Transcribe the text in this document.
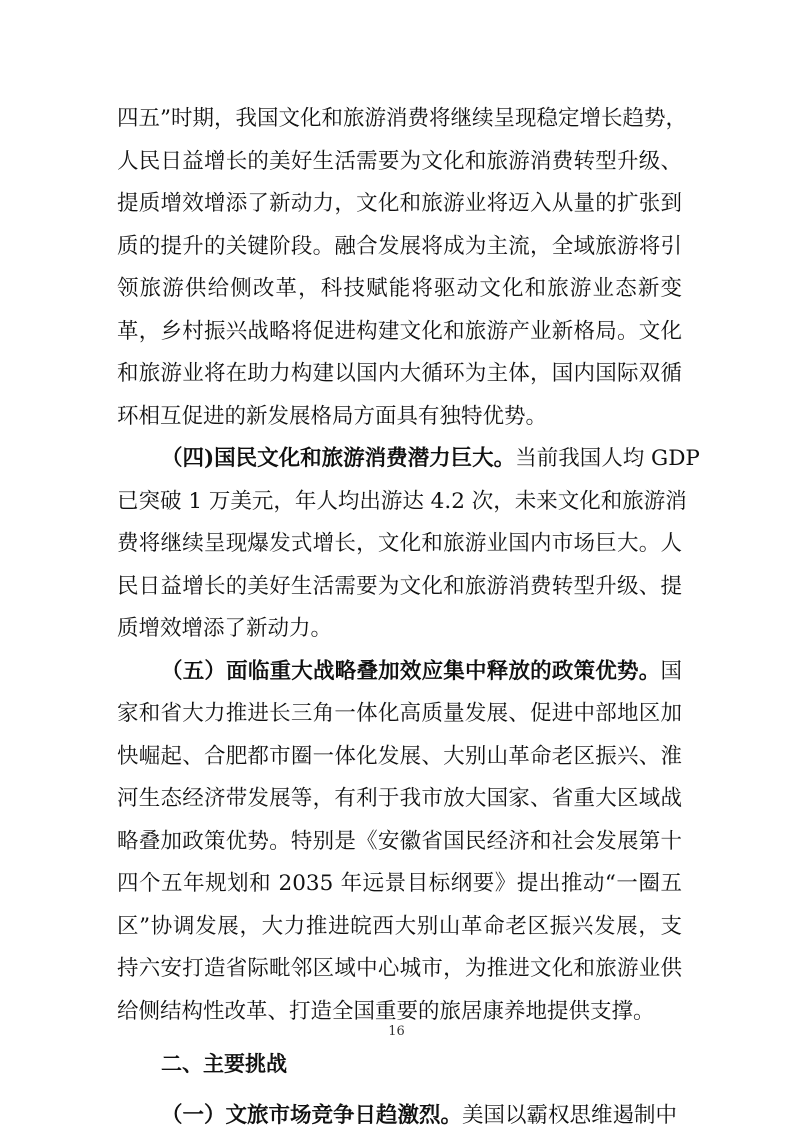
四五”时期，我国文化和旅游消费将继续呈现稳定增长趋势，
人民日益增长的美好生活需要为文化和旅游消费转型升级、
提质增效增添了新动力，文化和旅游业将迈入从量的扩张到
质的提升的关键阶段。融合发展将成为主流，全域旅游将引
领旅游供给侧改革，科技赋能将驱动文化和旅游业态新变
革，乡村振兴战略将促进构建文化和旅游产业新格局。文化
和旅游业将在助力构建以国内大循环为主体，国内国际双循
环相互促进的新发展格局方面具有独特优势。
（四)国民文化和旅游消费潜力巨大。当前我国人均 GDP
已突破 1 万美元，年人均出游达 4.2 次，未来文化和旅游消
费将继续呈现爆发式增长，文化和旅游业国内市场巨大。人
民日益增长的美好生活需要为文化和旅游消费转型升级、提
质增效增添了新动力。
（五）面临重大战略叠加效应集中释放的政策优势。国
家和省大力推进长三角一体化高质量发展、促进中部地区加
快崛起、合肥都市圈一体化发展、大别山革命老区振兴、淮
河生态经济带发展等，有利于我市放大国家、省重大区域战
略叠加政策优势。特别是《安徽省国民经济和社会发展第十
四个五年规划和 2035 年远景目标纲要》提出推动“一圈五
区”协调发展，大力推进皖西大别山革命老区振兴发展，支
持六安打造省际毗邻区域中心城市，为推进文化和旅游业供
给侧结构性改革、打造全国重要的旅居康养地提供支撑。
二、主要挑战
（一）文旅市场竞争日趋激烈。美国以霸权思维遏制中
16
